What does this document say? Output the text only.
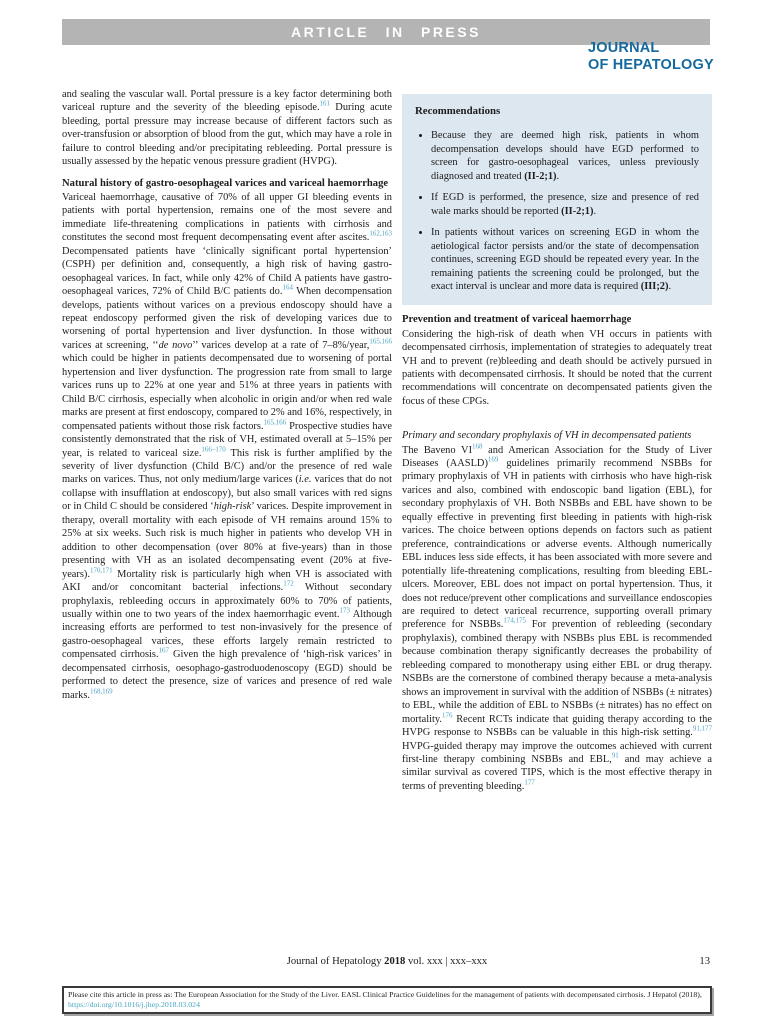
ARTICLE IN PRESS
JOURNAL
OF HEPATOLOGY

and sealing the vascular wall. Portal pressure is a key factor determining both variceal rupture and the severity of the bleeding episode.$^{161}$ During acute bleeding, portal pressure may increase because of different factors such as over-transfusion or absorption of blood from the gut, which may have a role in failure to control bleeding and/or precipitating rebleeding. Portal pressure is usually assessed by the hepatic venous pressure gradient (HVPG).

Natural history of gastro-oesophageal varices and variceal haemorrhage

Variceal haemorrhage, causative of 70% of all upper GI bleeding events in patients with portal hypertension, remains one of the most severe and immediate life-threatening complications in patients with cirrhosis and constitutes the second most frequent decompensating event after ascites.$^{162,163}$ Decompensated patients have ‘clinically significant portal hypertension’ (CSPH) per definition and, consequently, a high risk of having gastro-oesophageal varices. In fact, while only 42% of Child A patients have gastro-oesophageal varices, 72% of Child B/C patients do.$^{164}$ When decompensation develops, patients without varices on a previous endoscopy should have a repeat endoscopy performed given the risk of developing varices due to worsening of portal hypertension and liver dysfunction. In those without varices at screening, ‘‘de novo’’ varices develop at a rate of 7–8%/year,$^{165,166}$ which could be higher in patients decompensated due to worsening of portal hypertension and liver dysfunction. The progression rate from small to large varices runs up to 22% at one year and 51% at three years in patients with Child B/C cirrhosis, especially when alcoholic in origin and/or when red wale marks are present at first endoscopy, compared to 2% and 16%, respectively, in compensated patients without those risk factors.$^{165,166}$ Prospective studies have consistently demonstrated that the risk of VH, estimated overall at 5–15% per year, is related to variceal size.$^{166-170}$ This risk is further amplified by the severity of liver dysfunction (Child B/C) and/or the presence of red wale marks on varices. Thus, not only medium/large varices (i.e. varices that do not collapse with insufflation at endoscopy), but also small varices with red signs or in Child C should be considered ‘high-risk’ varices. Despite improvement in therapy, overall mortality with each episode of VH remains around 15% to 25% at six weeks. Such risk is much higher in patients who develop VH in addition to other decompensation (over 80% at five-years) than in those presenting with VH as an isolated decompensating event (20% at five-years).$^{170,171}$ Mortality risk is particularly high when VH is associated with AKI and/or concomitant bacterial infections.$^{172}$ Without secondary prophylaxis, rebleeding occurs in approximately 60% to 70% of patients, usually within one to two years of the index haemorrhagic event.$^{173}$ Although increasing efforts are performed to test non-invasively for the presence of gastro-oesophageal varices, these efforts largely remain restricted to compensated cirrhosis.$^{167}$ Given the high prevalence of ‘high-risk varices’ in decompensated cirrhosis, oesophago-gastroduodenoscopy (EGD) should be performed to detect the presence, size of varices and presence of red wale marks.$^{168,169}$

Recommendations
• Because they are deemed high risk, patients in whom decompensation develops should have EGD performed to screen for gastro-oesophageal varices, unless previously diagnosed and treated (II-2;1).
• If EGD is performed, the presence, size and presence of red wale marks should be reported (II-2;1).
• In patients without varices on screening EGD in whom the aetiological factor persists and/or the state of decompensation continues, screening EGD should be repeated every year. In the remaining patients the screening could be prolonged, but the exact interval is unclear and more data is required (III;2).
Prevention and treatment of variceal haemorrhage

Considering the high-risk of death when VH occurs in patients with decompensated cirrhosis, implementation of strategies to adequately treat VH and to prevent (re)bleeding and death should be actively pursued in patients with decompensated cirrhosis. It should be noted that the current recommendations will concentrate on decompensated patients given the focus of these CPGs.

Primary and secondary prophylaxis of VH in decompensated patients

The Baveno VI$^{168}$ and American Association for the Study of Liver Diseases (AASLD)$^{169}$ guidelines primarily recommend NSBBs for primary prophylaxis of VH in patients with cirrhosis who have high-risk varices and also, combined with endoscopic band ligation (EBL), for secondary prophylaxis of VH. Both NSBBs and EBL have shown to be equally effective in preventing first bleeding in patients with high-risk varices. The choice between options depends on factors such as patient preference, contraindications or adverse events. Although numerically EBL induces less side effects, it has been associated with more severe and potentially life-threatening complications, resulting from bleeding EBL-ulcers. Moreover, EBL does not impact on portal hypertension. Thus, it does not reduce/prevent other complications and surveillance endoscopies are required to detect variceal recurrence, supporting overall primary preference for NSBBs.$^{174,175}$ For prevention of rebleeding (secondary prophylaxis), combined therapy with NSBBs plus EBL is recommended because combination therapy significantly decreases the probability of rebleeding compared to monotherapy using either EBL or drug therapy. NSBBs are the cornerstone of combined therapy because a meta-analysis shows an improvement in survival with the addition of NSBBs (± nitrates) to EBL, while the addition of EBL to NSBBs (± nitrates) has no effect on mortality.$^{176}$ Recent RCTs indicate that guiding therapy according to the HVPG response to NSBBs can be valuable in this high-risk setting.$^{91,177}$ HVPG-guided therapy may improve the outcomes achieved with current first-line therapy combining NSBBs and EBL,$^{91}$ and may achieve a similar survival as covered TIPS, which is the most effective therapy in terms of preventing bleeding.$^{177}$

Journal of Hepatology 2018 vol. xxx | xxx–xxx	13
Please cite this article in press as: The European Association for the Study of the Liver. EASL Clinical Practice Guidelines for the management of patients with decompensated cirrhosis. J Hepatol (2018), https://doi.org/10.1016/j.jhep.2018.03.024
